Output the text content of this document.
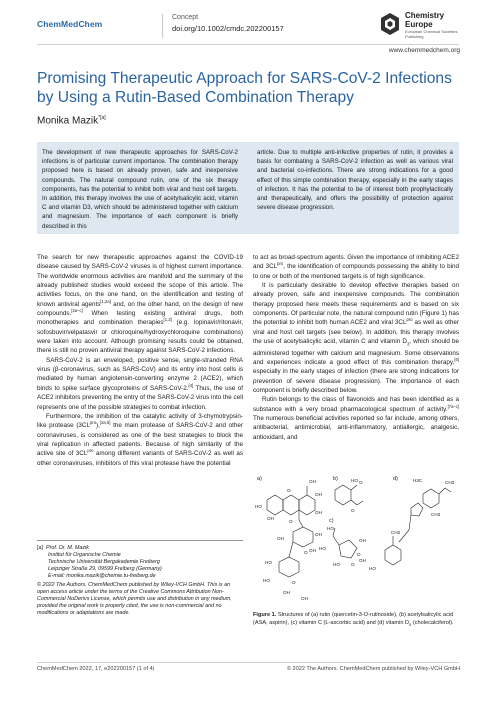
ChemMedChem
Concept
doi.org/10.1002/cmdc.202200157
Chemistry
Europe
European Chemical Societies Publishing
www.chemmedchem.org
Promising Therapeutic Approach for SARS-CoV-2 Infections by Using a Rutin-Based Combination Therapy
Monika Mazik$^{*[a]}$
The development of new therapeutic approaches for SARS-CoV-2 infections is of particular current importance. The combination therapy proposed here is based on already proven, safe and inexpensive compounds. The natural compound rutin, one of the six therapy components, has the potential to inhibit both viral and host cell targets. In addition, this therapy involves the use of acetylsalicylic acid, vitamin C and vitamin D3, which should be administered together with calcium and magnesium. The importance of each component is briefly described in this
article. Due to multiple anti-infective properties of rutin, it provides a basis for combating a SARS-CoV-2 infection as well as various viral and bacterial co-infections. There are strong indications for a good effect of this simple combination therapy, especially in the early stages of infection. It has the potential to be of interest both prophylactically and therapeutically, and offers the possibility of protection against severe disease progression.

The search for new therapeutic approaches against the COVID-19 disease caused by SARS-CoV-2 viruses is of highest current importance. The worldwide enormous activities are manifold and the summary of the already published studies would exceed the scope of this article. The activities focus, on the one hand, on the identification and testing of known antiviral agents[1,2a] and, on the other hand, on the design of new compounds.[2a–c] When testing existing antiviral drugs, both monotherapies and combination therapies[1,3] (e.g. lopinavir/ritonavir, sofosbuvir/velpatasvir or chloroquine/hydroxychloroquine combinations) were taken into account. Although promising results could be obtained, there is still no proven antiviral therapy against SARS-CoV-2 infections.

SARS-CoV-2 is an enveloped, positive sense, single-stranded RNA virus (β-coronavirus, such as SARS-CoV) and its entry into host cells is mediated by human angiotensin-converting enzyme 2 (ACE2), which binds to spike surface glycoproteins of SARS-CoV-2.[4] Thus, the use of ACE2 inhibitors preventing the entry of the SARS-CoV-2 virus into the cell represents one of the possible strategies to combat infection.

Furthermore, the inhibition of the catalytic activity of 3-chymotrypsin-like protease $(3CL^{pro}),[2a,5]$ the main protease of SARS-CoV-2 and other coronaviruses, is considered as one of the best strategies to block the viral replication in affected patients. Because of high similarity of the active site of $3CL^{pro}$ among different variants of SARS-CoV-2 as well as other coronaviruses, inhibitors of this viral protease have the potential

[a] Prof. Dr. M. Mazik
Institut für Organische Chemie
Technische Universität Bergakademie Freiberg
Leipziger Straße 29, 09599 Freiberg (Germany)
E-mail: monika.mazik@chemie.tu-freiberg.de
© 2022 The Authors. ChemMedChem published by Wiley-VCH GmbH. This is an open access article under the terms of the Creative Commons Attribution Non-Commercial NoDerivs License, which permits use and distribution in any medium, provided the original work is properly cited, the use is non-commercial and no modifications or adaptations are made.

to act as broad-spectrum agents. Given the importance of inhibiting ACE2 and $3CL^{pro}$, the identification of compounds possessing the ability to bind to one or both of the mentioned targets is of high significance.

It is particularly desirable to develop effective therapies based on already proven, safe and inexpensive compounds. The combination therapy proposed here meets these requirements and is based on six components. Of particular note, the natural compound rutin (Figure 1) has the potential to inhibit both human ACE2 and viral $3CL^{pro}$ as well as other viral and host cell targets (see below). In addition, this therapy involves the use of acetylsalicylic acid, vitamin C and vitamin $D_3$, which should be administered together with calcium and magnesium. Some observations and experiences indicate a good effect of this combination therapy,[6] especially in the early stages of infection (there are strong indications for prevention of severe disease progression). The importance of each component is briefly described below.

Rutin belongs to the class of flavonoids and has been identified as a substance with a very broad pharmacological spectrum of activity.[7a–c] The numerous beneficial activities reported so far include, among others, antibacterial, antimicrobial, anti-inflammatory, antiallergic, analgesic, antioxidant, and

a)	b)
c)
d)
OH
HO
O
OH
OH
OH
O
OH
O
OH
OH
HO
O
O
O
HO
HO
OH
HO
HO
O
O
OH
H3C	CH3
CH3
CH2
HO
OH
HO
OH
Figure 1. Structures of (a) rutin (quercetin-3-O-rutinoside), (b) acetylsalicylic acid (ASA, aspirin), (c) vitamin C (L-ascorbic acid) and (d) vitamin $D_3$ (cholecalciferol).
ChemMedChem 2022, 17, e202200157 (1 of 4)	© 2022 The Authors. ChemMedChem published by Wiley-VCH GmbH
